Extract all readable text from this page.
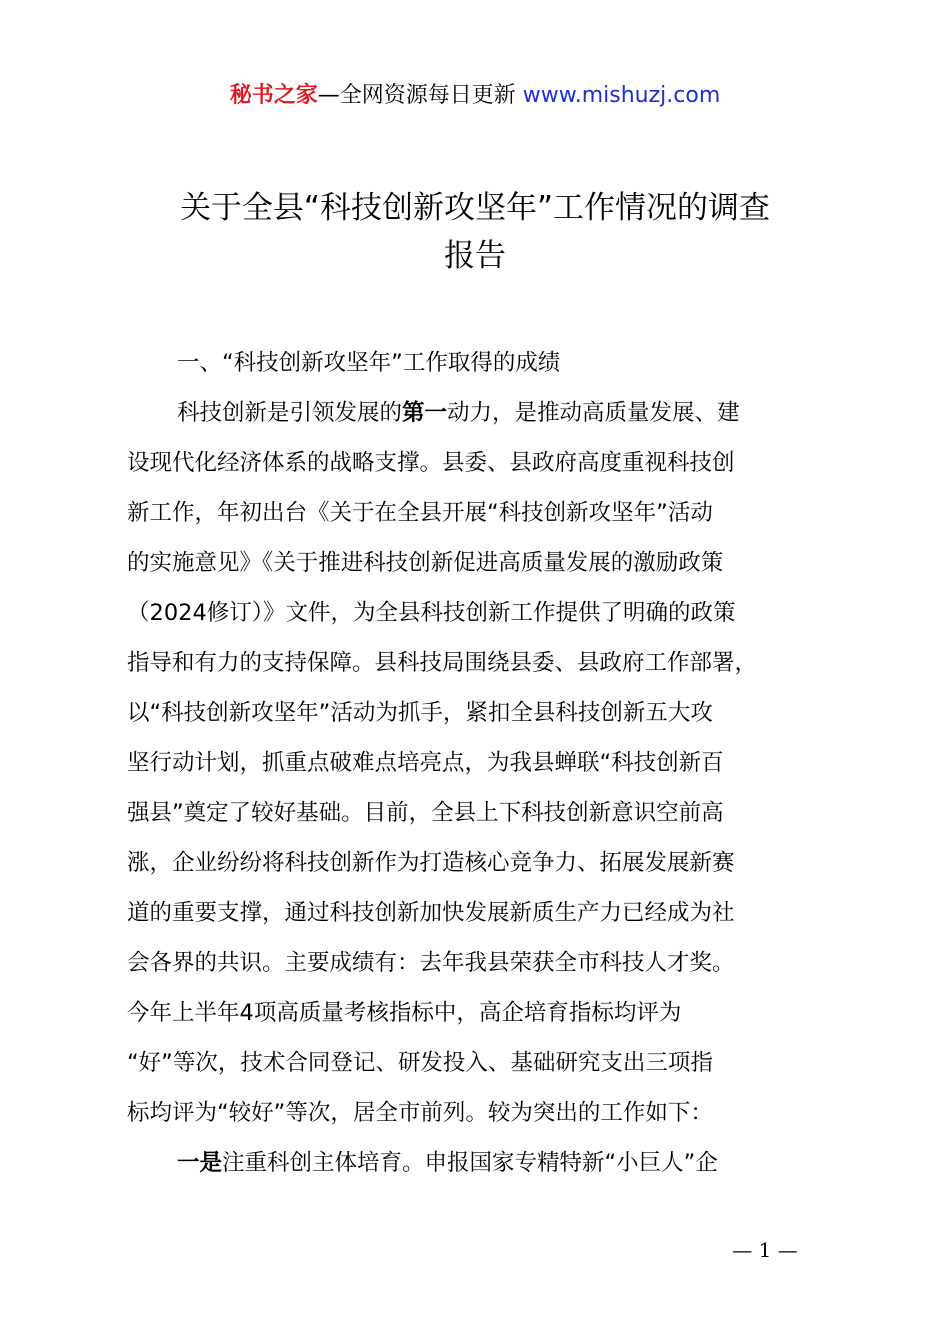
秘书之家—全网资源每日更新 www.mishuzj.com
关于全县“科技创新攻坚年”工作情况的调查
报告
一、“科技创新攻坚年”工作取得的成绩
科技创新是引领发展的第一动力，是推动高质量发展、建
设现代化经济体系的战略支撑。县委、县政府高度重视科技创
新工作，年初出台《关于在全县开展“科技创新攻坚年”活动
的实施意见》《关于推进科技创新促进高质量发展的激励政策
（2024修订）》文件，为全县科技创新工作提供了明确的政策
指导和有力的支持保障。县科技局围绕县委、县政府工作部署，
以“科技创新攻坚年”活动为抓手，紧扣全县科技创新五大攻
坚行动计划，抓重点破难点培亮点，为我县蝉联“科技创新百
强县”奠定了较好基础。目前，全县上下科技创新意识空前高
涨，企业纷纷将科技创新作为打造核心竞争力、拓展发展新赛
道的重要支撑，通过科技创新加快发展新质生产力已经成为社
会各界的共识。主要成绩有：去年我县荣获全市科技人才奖。
今年上半年4项高质量考核指标中，高企培育指标均评为
“好”等次，技术合同登记、研发投入、基础研究支出三项指
标均评为“较好”等次，居全市前列。较为突出的工作如下：
一是注重科创主体培育。申报国家专精特新“小巨人”企
— 1 —
